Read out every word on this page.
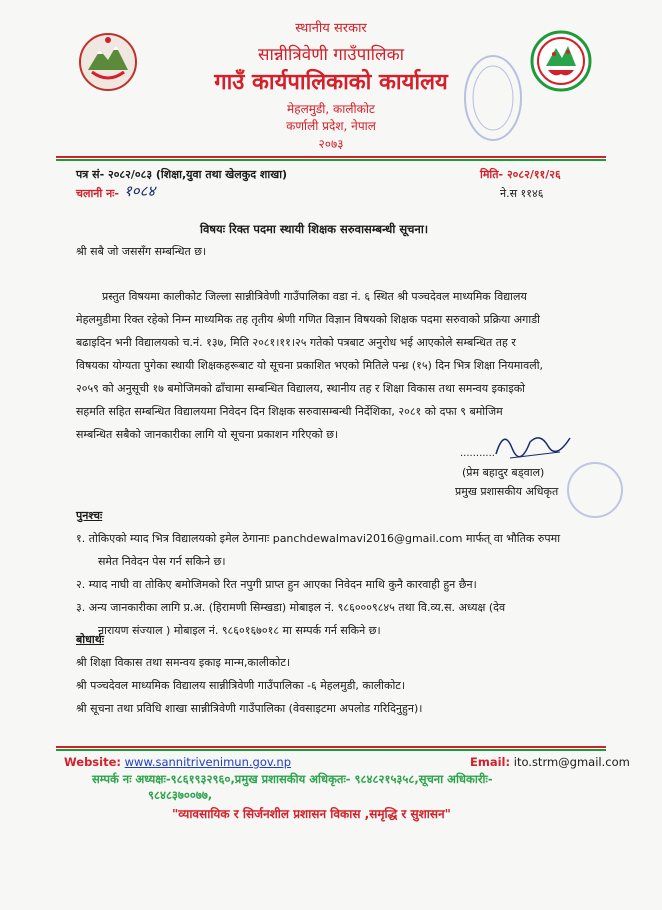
स्थानीय सरकार
सान्नीत्रिवेणी गाउँपालिका
गाउँ कार्यपालिकाको कार्यालय
मेहलमुडी, कालीकोट
कर्णाली प्रदेश, नेपाल
२०७३
पत्र सं- २०८२/०८३ (शिक्षा,युवा तथा खेलकुद शाखा)
चलानी नः- १०८४
मिति- २०८२/११/२६
ने.स ११४६
विषयः रिक्त पदमा स्थायी शिक्षक सरुवासम्बन्धी सूचना।
श्री सबै जो जससँग सम्बन्धित छ।
प्रस्तुत विषयमा कालीकोट जिल्ला सान्नीत्रिवेणी गाउँपालिका वडा नं. ६ स्थित श्री पञ्चदेवल माध्यमिक विद्यालय
मेहलमुडीमा रिक्त रहेको निम्न माध्यमिक तह तृतीय श्रेणी गणित विज्ञान विषयको शिक्षक पदमा सरुवाको प्रक्रिया अगाडी
बढाइदिन भनी विद्यालयको च.नं. १३७, मिति २०८१।११।२५ गतेको पत्रबाट अनुरोध भई आएकोले सम्बन्धित तह र
विषयका योग्यता पुगेका स्थायी शिक्षकहरूबाट यो सूचना प्रकाशित भएको मितिले पन्ध्र (१५) दिन भित्र शिक्षा नियमावली,
२०५९ को अनुसूची १७ बमोजिमको ढाँचामा सम्बन्धित विद्यालय, स्थानीय तह र शिक्षा विकास तथा समन्वय इकाइको
सहमति सहित सम्बन्धित विद्यालयमा निवेदन दिन शिक्षक सरुवासम्बन्धी निर्देशिका, २०८१ को दफा ९ बमोजिम
सम्बन्धित सबैको जानकारीका लागि यो सूचना प्रकाशन गरिएको छ।
...........
(प्रेम बहादुर बड्वाल)
प्रमुख प्रशासकीय अधिकृत
पुनश्चः
१. तोकिएको म्याद भित्र विद्यालयको इमेल ठेगानाः panchdewalmavi2016@gmail.com मार्फत् वा भौतिक रुपमा
समेत निवेदन पेस गर्न सकिने छ।
२. म्याद नाघी वा तोकिए बमोजिमको रित नपुगी प्राप्त हुन आएका निवेदन माथि कुनै कारवाही हुन छैन।
३. अन्य जानकारीका लागि प्र.अ. (हिरामणी सिम्खडा) मोबाइल नं. ९८६०००९८४५ तथा वि.व्य.स. अध्यक्ष (देव
नारायण संज्याल ) मोबाइल नं. ९८६०१६७०१८ मा सम्पर्क गर्न सकिने छ।
बोधार्थः
श्री शिक्षा विकास तथा समन्वय इकाइ मान्म,कालीकोट।
श्री पञ्चदेवल माध्यमिक विद्यालय सान्नीत्रिवेणी गाउँपालिका -६ मेहलमुडी, कालीकोट।
श्री सूचना तथा प्रविधि शाखा सान्नीत्रिवेणी गाउँपालिका (वेवसाइटमा अपलोड गरिदिनुहुन)।
Website: www.sannitrivenimun.gov.np	Email: ito.strm@gmail.com
सम्पर्क नः अध्यक्षः-९८६१९३२९६०,प्रमुख प्रशासकीय अधिकृतः- ९८४८२१५३५८,सूचना अधिकारीः-
९८४८३७००७७,
"व्यावसायिक र सिर्जनशील प्रशासन विकास ,समृद्धि र सुशासन"
